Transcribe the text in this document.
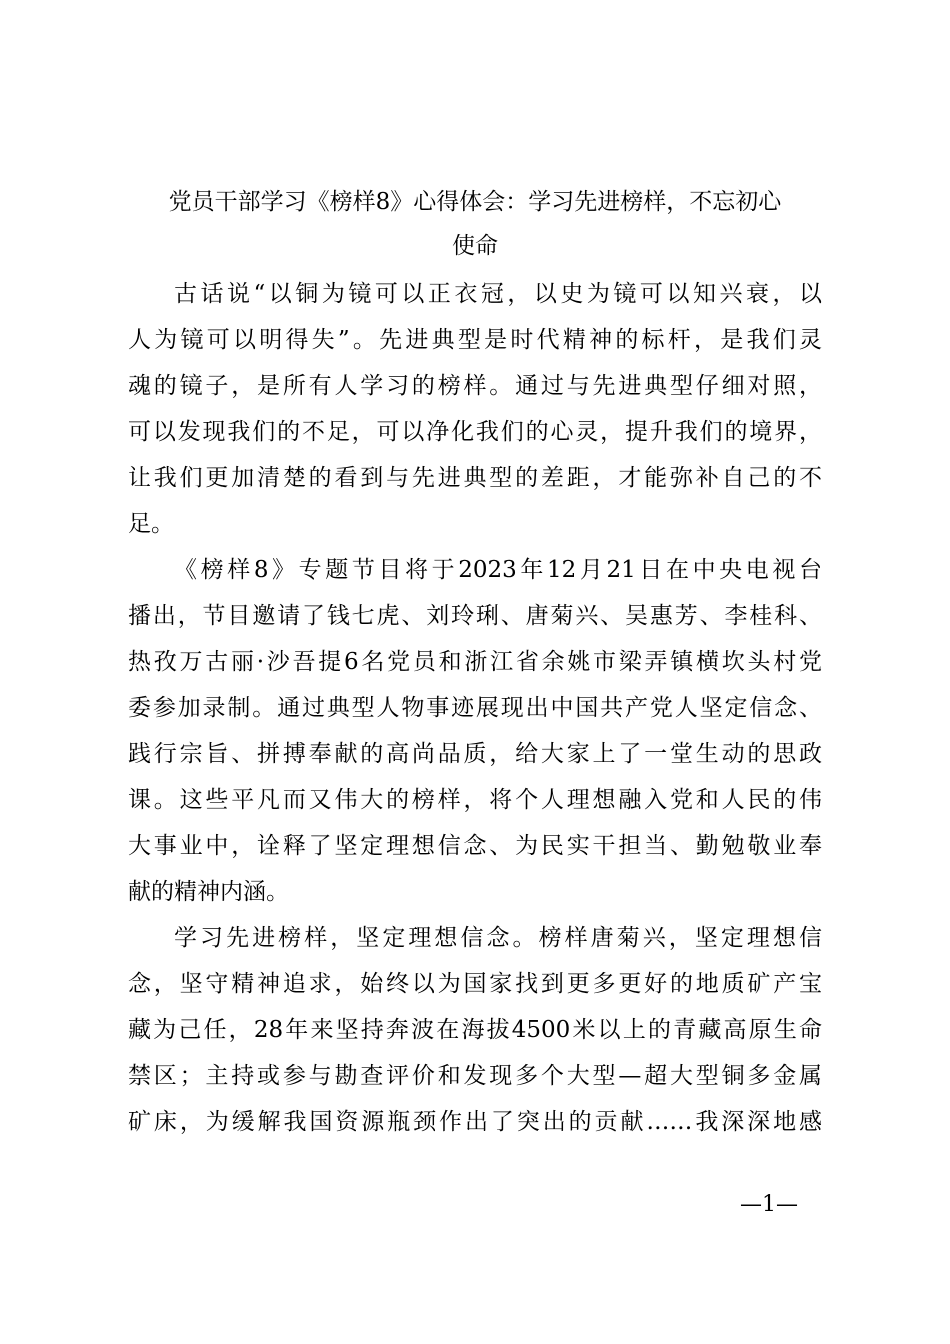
党员干部学习《榜样8》心得体会：学习先进榜样，不忘初心
使命
古话说“以铜为镜可以正衣冠，以史为镜可以知兴衰，以
人为镜可以明得失”。先进典型是时代精神的标杆，是我们灵
魂的镜子，是所有人学习的榜样。通过与先进典型仔细对照，
可以发现我们的不足，可以净化我们的心灵，提升我们的境界，
让我们更加清楚的看到与先进典型的差距，才能弥补自己的不
足。
《榜样8》专题节目将于2023年12月21日在中央电视台
播出，节目邀请了钱七虎、刘玲琍、唐菊兴、吴惠芳、李桂科、
热孜万古丽·沙吾提6名党员和浙江省余姚市梁弄镇横坎头村党
委参加录制。通过典型人物事迹展现出中国共产党人坚定信念、
践行宗旨、拼搏奉献的高尚品质，给大家上了一堂生动的思政
课。这些平凡而又伟大的榜样，将个人理想融入党和人民的伟
大事业中，诠释了坚定理想信念、为民实干担当、勤勉敬业奉
献的精神内涵。
学习先进榜样，坚定理想信念。榜样唐菊兴，坚定理想信
念，坚守精神追求，始终以为国家找到更多更好的地质矿产宝
藏为己任，28年来坚持奔波在海拔4500米以上的青藏高原生命
禁区；主持或参与勘查评价和发现多个大型—超大型铜多金属
矿床，为缓解我国资源瓶颈作出了突出的贡献……我深深地感
—1—
